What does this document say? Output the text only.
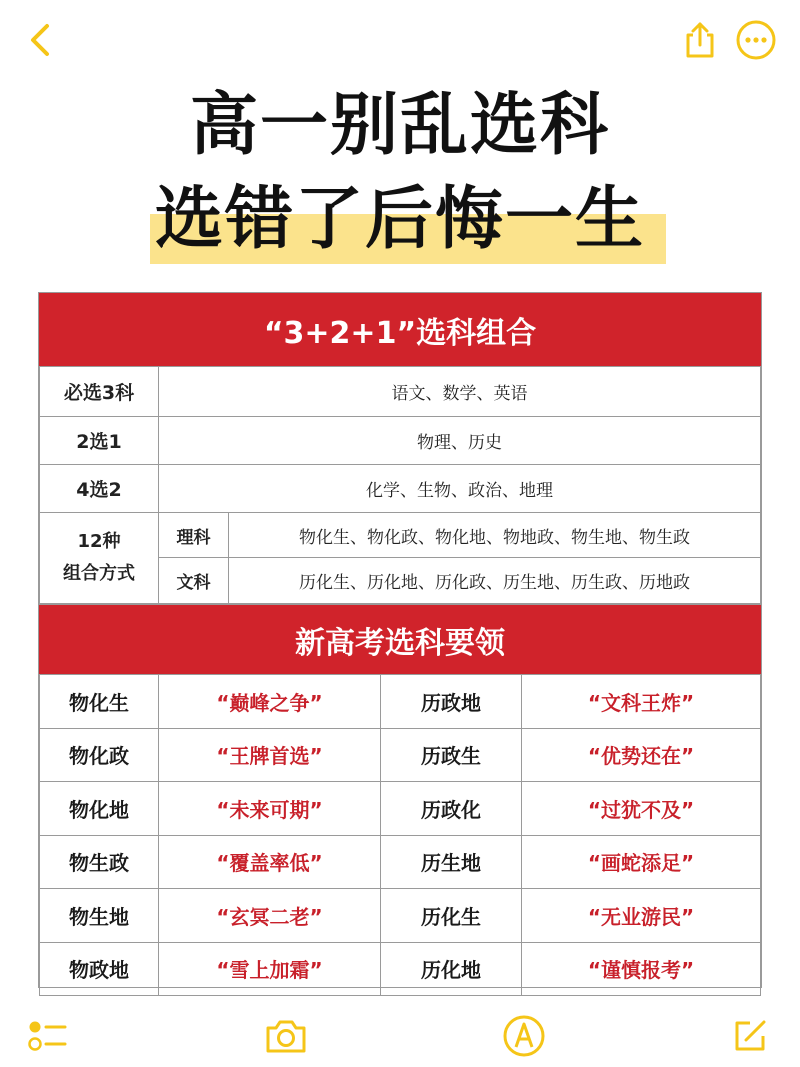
高一别乱选科
选错了后悔一生
“3+2+1”选科组合
必选3科	语文、数学、英语	
2选1	物理、历史	
4选2	化学、生物、政治、地理	

12种
组合方式	理科	物化生、物化政、物化地、物地政、物生地、物生政
	文科	历化生、历化地、历化政、历生地、历生政、历地政
新高考选科要领
物化生	“巅峰之争”	历政地	“文科王炸”
物化政	“王牌首选”	历政生	“优势还在”
物化地	“未来可期”	历政化	“过犹不及”
物生政	“覆盖率低”	历生地	“画蛇添足”
物生地	“玄冥二老”	历化生	“无业游民”
物政地	“雪上加霜”	历化地	“谨慎报考”
